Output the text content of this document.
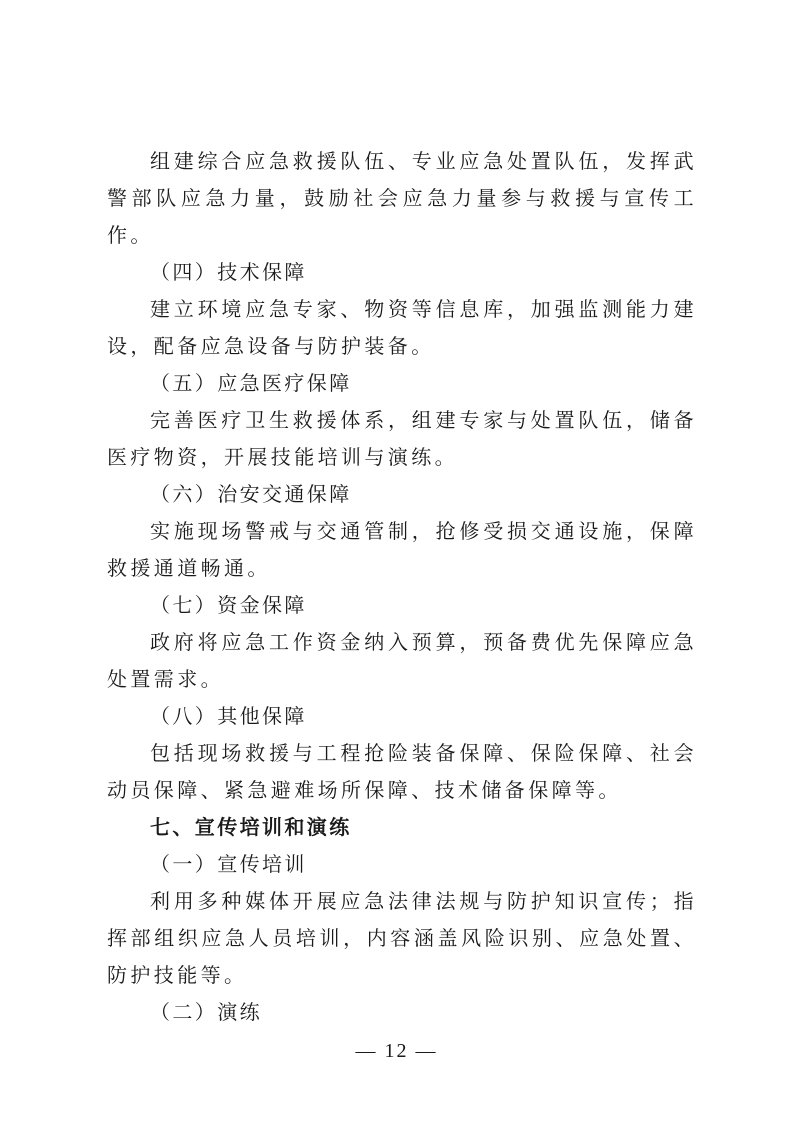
组建综合应急救援队伍、专业应急处置队伍，发挥武警部队应急力量，鼓励社会应急力量参与救援与宣传工作。

（四）技术保障

建立环境应急专家、物资等信息库，加强监测能力建设，配备应急设备与防护装备。

（五）应急医疗保障

完善医疗卫生救援体系，组建专家与处置队伍，储备医疗物资，开展技能培训与演练。

（六）治安交通保障

实施现场警戒与交通管制，抢修受损交通设施，保障救援通道畅通。

（七）资金保障

政府将应急工作资金纳入预算，预备费优先保障应急处置需求。

（八）其他保障

包括现场救援与工程抢险装备保障、保险保障、社会动员保障、紧急避难场所保障、技术储备保障等。

七、宣传培训和演练

（一）宣传培训

利用多种媒体开展应急法律法规与防护知识宣传；指挥部组织应急人员培训，内容涵盖风险识别、应急处置、防护技能等。

（二）演练

— 12 —
